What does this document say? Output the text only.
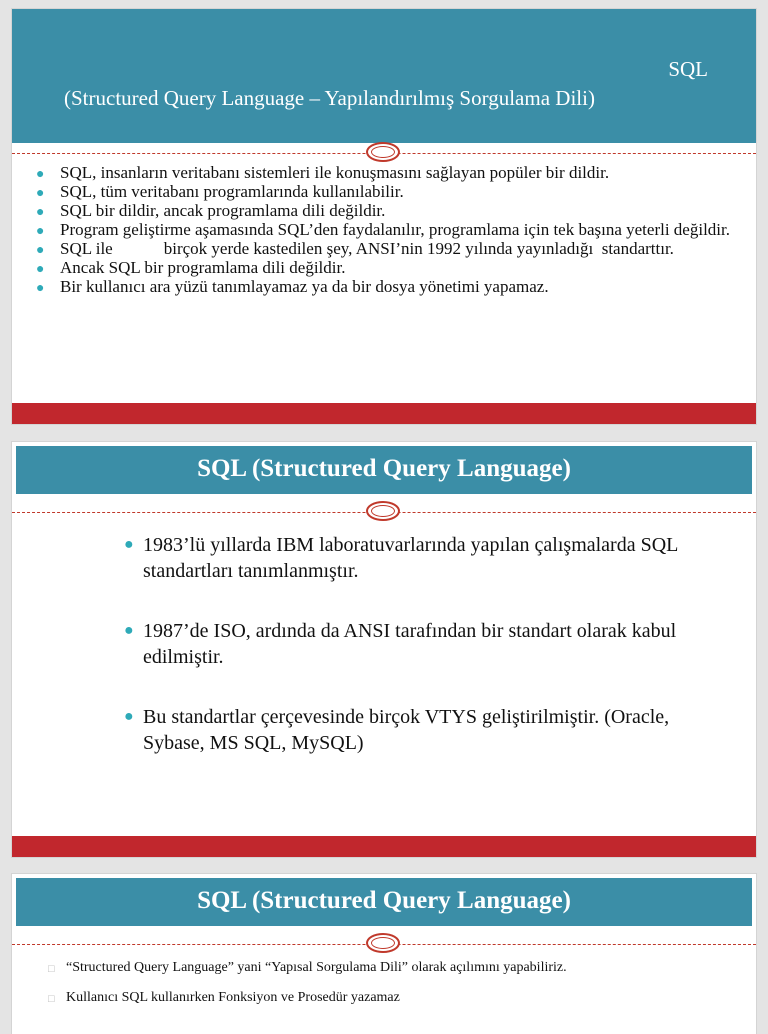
SQL
(Structured Query Language – Yapılandırılmış Sorgulama Dili)
● SQL, insanların veritabanı sistemleri ile konuşmasını sağlayan popüler bir dildir.
● SQL, tüm veritabanı programlarında kullanılabilir.
● SQL bir dildir, ancak programlama dili değildir.
● Program geliştirme aşamasında SQL’den faydalanılır, programlama için tek başına yeterli değildir.
● SQL ile            birçok yerde kastedilen şey, ANSI’nin 1992 yılında yayınladığı  standarttır.
● Ancak SQL bir programlama dili değildir.
● Bir kullanıcı ara yüzü tanımlayamaz ya da bir dosya yönetimi yapamaz.
SQL (Structured Query Language)
● 1983’lü yıllarda IBM laboratuvarlarında yapılan çalışmalarda SQL standartları tanımlanmıştır.
● 1987’de ISO, ardında da ANSI tarafından bir standart olarak kabul edilmiştir.
● Bu standartlar çerçevesinde birçok VTYS geliştirilmiştir. (Oracle, Sybase, MS SQL, MySQL)
SQL (Structured Query Language)
□ “Structured Query Language” yani “Yapısal Sorgulama Dili” olarak açılımını yapabiliriz.
□ Kullanıcı SQL kullanırken Fonksiyon ve Prosedür yazamaz
